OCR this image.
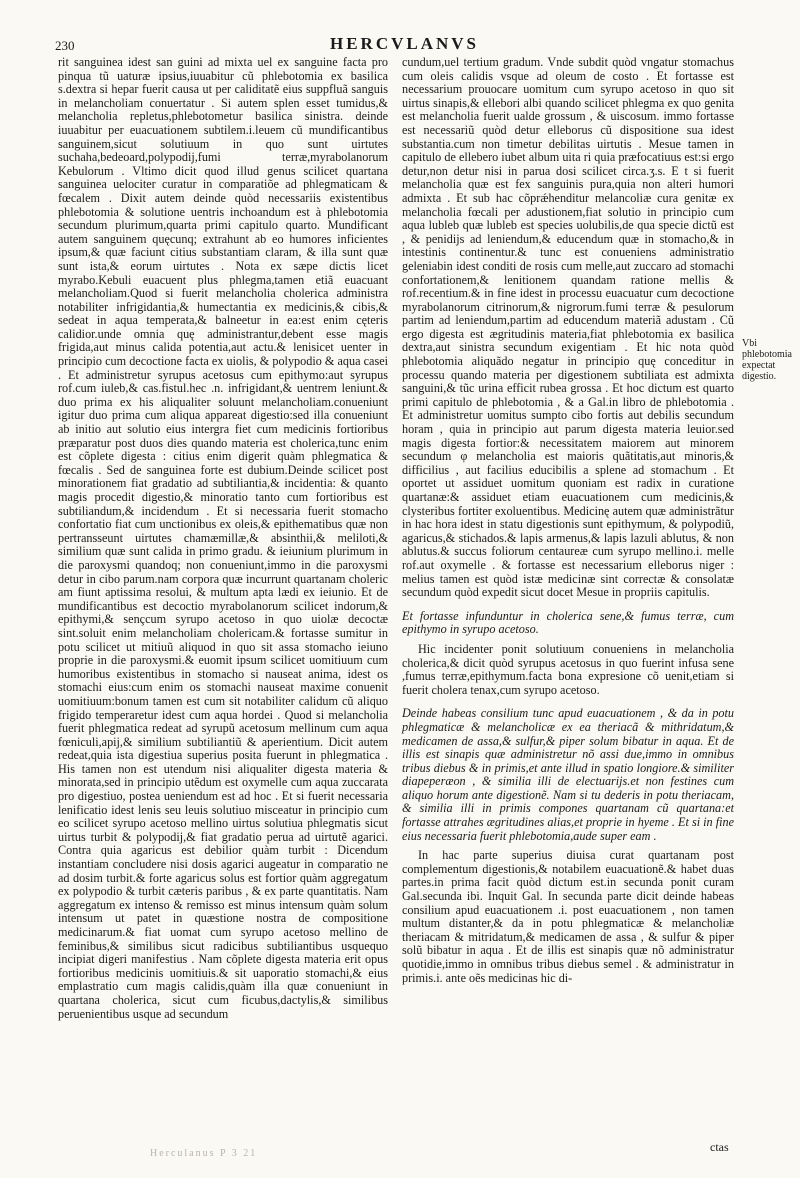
230	HERCVLANVS

rit sanguinea idest san guini ad mixta uel ex sanguine facta pro pinqua tũ uaturæ ipsius,iuuabitur cũ phlebotomia ex basilica s.dextra si hepar fuerit causa ut per caliditatẽ eius suppfluã sanguis in melancholiam conuertatur . Si autem splen esset tumidus,& melancholia repletus,phlebotometur basilica sinistra. deinde iuuabitur per euacuationem subtilem.i.leuem cũ mundificantibus sanguinem,sicut solutiuum in quo sunt uirtutes suchaha,bedeoard,polypodij,fumi terræ,myrabolanorum Kebulorum . Vltimo dicit quod illud genus scilicet quartana sanguinea uelociter curatur in comparatiõe ad phlegmaticam & fœcalem . Dixit autem deinde quòd necessariis existentibus phlebotomia & solutione uentris inchoandum est à phlebotomia secundum plurimum,quarta primi capitulo quarto. Mundificant autem sanguinem quęcunq; extrahunt ab eo humores inficientes ipsum,& quæ faciunt citius substantiam claram, & illa sunt quæ sunt ista,& eorum uirtutes . Nota ex sæpe dictis licet myrabo.Kebuli euacuent plus phlegma,tamen etiã euacuant melancholiam.Quod si fuerit melancholia cholerica administra notabiliter infrigidantia,& humectantia ex medicinis,& cibis,& sedeat in aqua temperata,& balneetur in ea:est enim cęteris calidior.unde omnia quę administrantur,debent esse magis frigida,aut minus calida potentia,aut actu.& lenisicet uenter in principio cum decoctione facta ex uiolis, & polypodio & aqua casei . Et administretur syrupus acetosus cum epithymo:aut syrupus rof.cum iuleb,& cas.fistul.hec .n. infrigidant,& uentrem leniunt.& duo prima ex his aliqualiter soluunt melancholiam.conueniunt igitur duo prima cum aliqua appareat digestio:sed illa conueniunt ab initio aut solutio eius intergra fiet cum medicinis fortioribus præparatur post duos dies quando materia est cholerica,tunc enim est cõplete digesta : citius enim digerit quàm phlegmatica & fœcalis . Sed de sanguinea forte est dubium.Deinde scilicet post minorationem fiat gradatio ad subtiliantia,& incidentia: & quanto magis procedit digestio,& minoratio tanto cum fortioribus est subtiliandum,& incidendum . Et si necessaria fuerit stomacho confortatio fiat cum unctionibus ex oleis,& epithematibus quæ non pertransseunt uirtutes chamæmillæ,& absinthii,& meliloti,& similium quæ sunt calida in primo gradu. & ieiunium plurimum in die paroxysmi quandoq; non conueniunt,immo in die paroxysmi detur in cibo parum.nam corpora quæ incurrunt quartanam choleric am fiunt aptissima resolui, & multum apta lædi ex ieiunio. Et de mundificantibus est decoctio myrabolanorum scilicet indorum,& epithymi,& sençcum syrupo acetoso in quo uiolæ decoctæ sint.soluit enim melancholiam cholericam.& fortasse sumitur in potu scilicet ut mitiuũ aliquod in quo sit assa stomacho ieiuno proprie in die paroxysmi.& euomit ipsum scilicet uomitiuum cum humoribus existentibus in stomacho si nauseat anima, idest os stomachi eius:cum enim os stomachi nauseat maxime conuenit uomitiuum:bonum tamen est cum sit notabiliter calidum cũ aliquo frigido temperaretur idest cum aqua hordei . Quod si melancholia fuerit phlegmatica redeat ad syrupũ acetosum mellinum cum aqua fœniculi,apij,& similium subtiliantiũ & aperientium. Dicit autem redeat,quia ista digestiua superius posita fuerunt in phlegmatica . His tamen non est utendum nisi aliqualiter digesta materia & minorata,sed in principio utẽdum est oxymelle cum aqua zuccarata pro digestiuo, postea ueniendum est ad hoc . Et si fuerit necessaria lenificatio idest lenis seu leuis solutiuo misceatur in principio cum eo scilicet syrupo acetoso mellino uirtus solutiua phlegmatis sicut uirtus turbit & polypodij,& fiat gradatio perua ad uirtutẽ agarici. Contra quia agaricus est debilior quàm turbit : Dicendum instantiam concludere nisi dosis agarici augeatur in comparatio ne ad dosim turbit.& forte agaricus solus est fortior quàm aggregatum ex polypodio & turbit cæteris paribus , & ex parte quantitatis. Nam aggregatum ex intenso & remisso est minus intensum quàm solum intensum ut patet in quæstione nostra de compositione medicinarum.& fiat uomat cum syrupo acetoso mellino de feminibus,& similibus sicut radicibus subtiliantibus usquequo incipiat digeri manifestius . Nam cõplete digesta materia erit opus fortioribus medicinis uomitiuis.& sit uaporatio stomachi,& eius emplastratio cum magis calidis,quàm illa quæ conueniunt in quartana cholerica, sicut cum ficubus,dactylis,& similibus peruenientibus usque ad secundum

cundum,uel tertium gradum. Vnde subdit quòd vngatur stomachus cum oleis calidis vsque ad oleum de costo . Et fortasse est necessarium prouocare uomitum cum syrupo acetoso in quo sit uirtus sinapis,& ellebori albi quando scilicet phlegma ex quo genita est melancholia fuerit ualde grossum , & uiscosum. immo fortasse est necessariũ quòd detur elleborus cũ dispositione sua idest substantia.cum non timetur debilitas uirtutis . Mesue tamen in capitulo de ellebero iubet album uita ri quia præfocatiuus est:si ergo detur,non detur nisi in parua dosi scilicet circa.ʒ.s. E t si fuerit melancholia quæ est fex sanguinis pura,quia non alteri humori admixta . Et sub hac cõprǽhenditur melancoliæ cura genitæ ex melancholia fœcali per adustionem,fiat solutio in principio cum aqua lubleb quæ lubleb est species uolubilis,de qua specie dictũ est , & penidijs ad leniendum,& educendum quæ in stomacho,& in intestinis continentur.& tunc est conueniens administratio geleniabin idest conditi de rosis cum melle,aut zuccaro ad stomachi confortationem,& lenitionem quandam ratione mellis & rof.recentium.& in fine idest in processu euacuatur cum decoctione myrabolanorum citrinorum,& nigrorum.fumi terræ & pesulorum partim ad leniendum,partim ad educendum materiã adustam . Cũ ergo digesta est ægritudinis materia,fiat phlebotomia ex basilica dextra,aut sinistra secundum exigentiam . Et hic nota quòd phlebotomia aliquãdo negatur in principio quę conceditur in processu quando materia per digestionem subtiliata est admixta sanguini,& tũc urina efficit rubea grossa . Et hoc dictum est quarto primi capitulo de phlebotomia , & a Gal.in libro de phlebotomia . Et administretur uomitus sumpto cibo fortis aut debilis secundum horam , quia in principio aut parum digesta materia leuior.sed magis digesta fortior:& necessitatem maiorem aut minorem secundum φ melancholia est maioris quãtitatis,aut minoris,& difficilius , aut facilius educibilis a splene ad stomachum . Et oportet ut assiduet uomitum quoniam est radix in curatione quartanæ:& assiduet etiam euacuationem cum medicinis,& clysteribus fortiter exoluentibus. Medicinę autem quæ administrãtur in hac hora idest in statu digestionis sunt epithymum, & polypodiũ, agaricus,& stichados.& lapis armenus,& lapis lazuli ablutus, & non ablutus.& succus foliorum centaureæ cum syrupo mellino.i. melle rof.aut oxymelle . & fortasse est necessarium elleborus niger : melius tamen est quòd istæ medicinæ sint correctæ & consolatæ secundum quòd expedit sicut docet Mesue in propriis capitulis.

Et fortasse infunduntur in cholerica sene,& fumus terræ, cum epithymo in syrupo acetoso.

Hic incidenter ponit solutiuum conueniens in melancholia cholerica,& dicit quòd syrupus acetosus in quo fuerint infusa sene ,fumus terræ,epithymum.facta bona expresione cõ uenit,etiam si fuerit cholera tenax,cum syrupo acetoso.

Deinde habeas consilium tunc apud euacuationem , & da in potu phlegmaticæ & melancholicæ ex ea theriacã & mithridatum,& medicamen de assa,& sulfur,& piper solum bibatur in aqua. Et de illis est sinapis quæ administretur nõ assi due,immo in omnibus tribus diebus & in primis,et ante illud in spatio longiore.& similiter diapeperæon , & similia illi de electuarijs.et non festines cum aliquo horum ante digestionẽ. Nam si tu dederis in potu theriacam, & similia illi in primis compones quartanam cũ quartana:et fortasse attrahes ægritudines alias,et proprie in hyeme . Et si in fine eius necessaria fuerit phlebotomia,aude super eam .

In hac parte superius diuisa curat quartanam post complementum digestionis,& notabilem euacuationẽ.& habet duas partes.in prima facit quòd dictum est.in secunda ponit curam Gal.secunda ibi. Inquit Gal. In secunda parte dicit deinde habeas consilium apud euacuationem .i. post euacuationem , non tamen multum distanter,& da in potu phlegmaticæ & melancholiæ theriacam & mitridatum,& medicamen de assa , & sulfur & piper solũ bibatur in aqua . Et de illis est sinapis quæ nõ administratur quotidie,immo in omnibus tribus diebus semel . & administratur in primis.i. ante oẽs medicinas hic di-

Vbi phlebotomia expectat digestio.
Herculanus P 3 21	ctas
